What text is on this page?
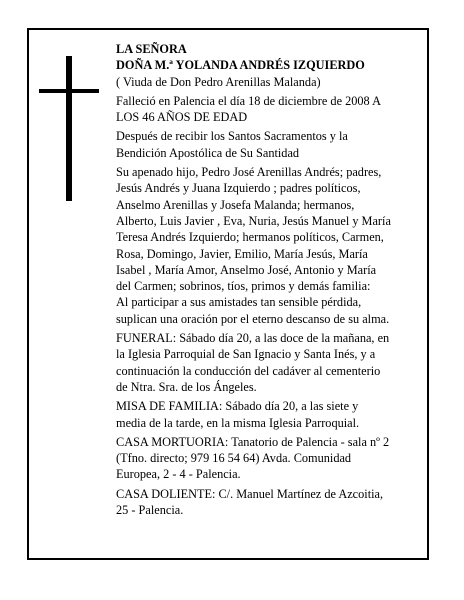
LA SEÑORA
DOÑA M.ª YOLANDA ANDRÉS IZQUIERDO
( Viuda de Don Pedro Arenillas Malanda)
Falleció en Palencia el día 18 de diciembre de 2008 A
LOS 46 AÑOS DE EDAD
Después de recibir los Santos Sacramentos y la
Bendición Apostólica de Su Santidad
Su apenado hijo, Pedro José Arenillas Andrés; padres,
Jesús Andrés y Juana Izquierdo ; padres políticos,
Anselmo Arenillas y Josefa Malanda; hermanos,
Alberto, Luis Javier , Eva, Nuria, Jesús Manuel y María
Teresa Andrés Izquierdo; hermanos políticos, Carmen,
Rosa, Domingo, Javier, Emilio, María Jesús, María
Isabel , María Amor, Anselmo José, Antonio y María
del Carmen; sobrinos, tíos, primos y demás familia:
Al participar a sus amistades tan sensible pérdida,
suplican una oración por el eterno descanso de su alma.
FUNERAL: Sábado día 20, a las doce de la mañana, en
la Iglesia Parroquial de San Ignacio y Santa Inés, y a
continuación la conducción del cadáver al cementerio
de Ntra. Sra. de los Ángeles.
MISA DE FAMILIA: Sábado día 20, a las siete y
media de la tarde, en la misma Iglesia Parroquial.
CASA MORTUORIA: Tanatorio de Palencia - sala nº 2
(Tfno. directo; 979 16 54 64) Avda. Comunidad
Europea, 2 - 4 - Palencia.
CASA DOLIENTE: C/. Manuel Martínez de Azcoitia,
25 - Palencia.
